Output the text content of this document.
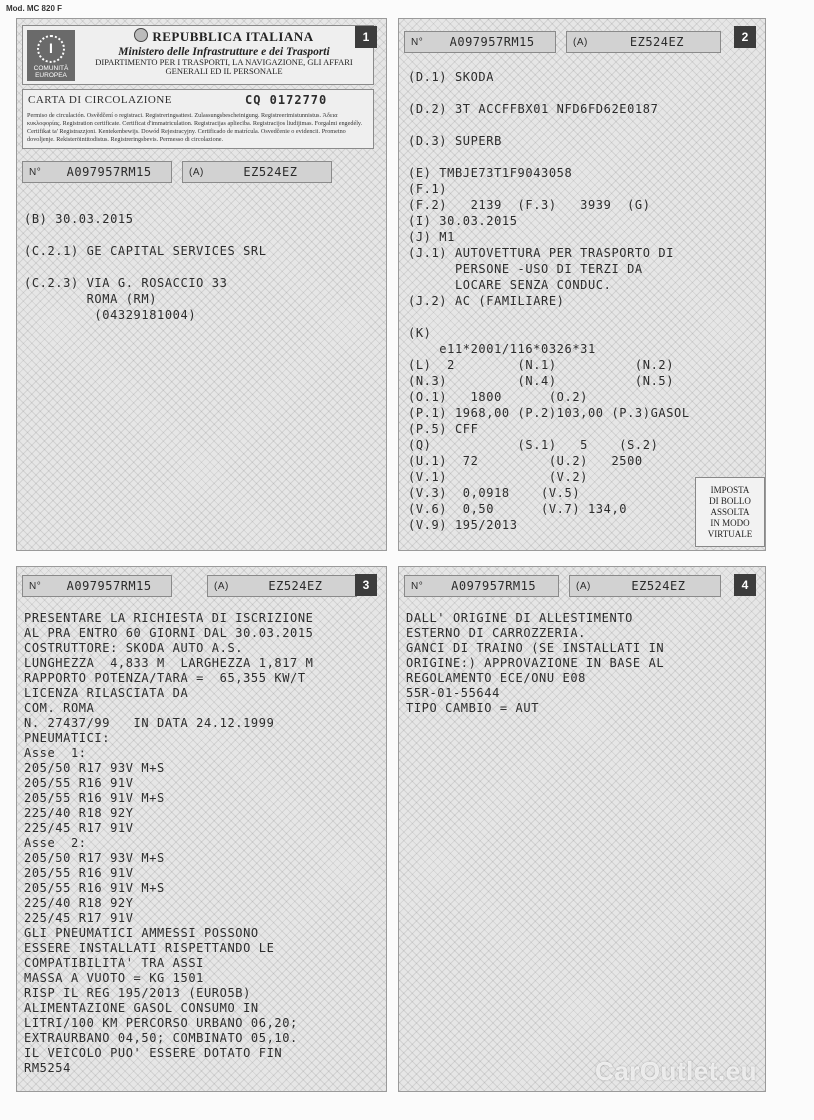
Mod. MC 820 F
I
COMUNITÀ EUROPEA
REPUBBLICA ITALIANA
Ministero delle Infrastrutture e dei Trasporti
DIPARTIMENTO PER I TRASPORTI, LA NAVIGAZIONE, GLI AFFARI GENERALI ED IL PERSONALE
1
CARTA DI CIRCOLAZIONE	CQ 0172770
Permiso de circulación. Osvědčení o registraci. Registreringsattest. Zulassungsbescheinigung. Registreerimistunnistus. Άδεια κυκλοφορίας. Registration certificate. Certificat d'immatriculation. Registracijas apliecība. Registracijos liudijimas. Forgalmi engedély. Certifikat ta' Registrazzjoni. Kentekenbewijs. Dowód Rejestracyjny. Certificado de matrícula. Osvedčenie o evidencii. Prometno dovoljenje. Rekisteröintitodistus. Registreringsbevis. Permesso di circolazione.
N°	A097957RM15	(A)	EZ524EZ
(B) 30.03.2015
(C.2.1) GE CAPITAL SERVICES SRL
(C.2.3) VIA G. ROSACCIO 33
ROMA (RM)
(04329181004)
N°	A097957RM15	(A)	EZ524EZ	2
(D.1) SKODA
(D.2) 3T ACCFFBX01 NFD6FD62E0187
(D.3) SUPERB
(E) TMBJE73T1F9043058
(F.1)
(F.2)   2139  (F.3)   3939  (G)
(I) 30.03.2015
(J) M1
(J.1) AUTOVETTURA PER TRASPORTO DI
PERSONE -USO DI TERZI DA
LOCARE SENZA CONDUC.
(J.2) AC (FAMILIARE)
(K)
e11*2001/116*0326*31
(L)  2        (N.1)          (N.2)
(N.3)         (N.4)          (N.5)
(O.1)   1800      (O.2)
(P.1) 1968,00 (P.2)103,00 (P.3)GASOL
(P.5) CFF
(Q)           (S.1)   5    (S.2)
(U.1)  72         (U.2)   2500
(V.1)             (V.2)
(V.3)  0,0918    (V.5)
(V.6)  0,50      (V.7) 134,0
(V.9) 195/2013
IMPOSTA
DI BOLLO
ASSOLTA
IN MODO
VIRTUALE
N°	A097957RM15	(A)	EZ524EZ	3
PRESENTARE LA RICHIESTA DI ISCRIZIONE
AL PRA ENTRO 60 GIORNI DAL 30.03.2015
COSTRUTTORE: SKODA AUTO A.S.
LUNGHEZZA  4,833 M  LARGHEZZA 1,817 M
RAPPORTO POTENZA/TARA =  65,355 KW/T
LICENZA RILASCIATA DA
COM. ROMA
N. 27437/99   IN DATA 24.12.1999
PNEUMATICI:
Asse  1:
205/50 R17 93V M+S
205/55 R16 91V
205/55 R16 91V M+S
225/40 R18 92Y
225/45 R17 91V
Asse  2:
205/50 R17 93V M+S
205/55 R16 91V
205/55 R16 91V M+S
225/40 R18 92Y
225/45 R17 91V
GLI PNEUMATICI AMMESSI POSSONO
ESSERE INSTALLATI RISPETTANDO LE
COMPATIBILITA' TRA ASSI
MASSA A VUOTO = KG 1501
RISP IL REG 195/2013 (EURO5B)
ALIMENTAZIONE GASOL CONSUMO IN
LITRI/100 KM PERCORSO URBANO 06,20;
EXTRAURBANO 04,50; COMBINATO 05,10.
IL VEICOLO PUO' ESSERE DOTATO FIN
RM5254
N°	A097957RM15	(A)	EZ524EZ	4
DALL' ORIGINE DI ALLESTIMENTO
ESTERNO DI CARROZZERIA.
GANCI DI TRAINO (SE INSTALLATI IN
ORIGINE:) APPROVAZIONE IN BASE AL
REGOLAMENTO ECE/ONU E08
55R-01-55644
TIPO CAMBIO = AUT
CarOutlet.eu
